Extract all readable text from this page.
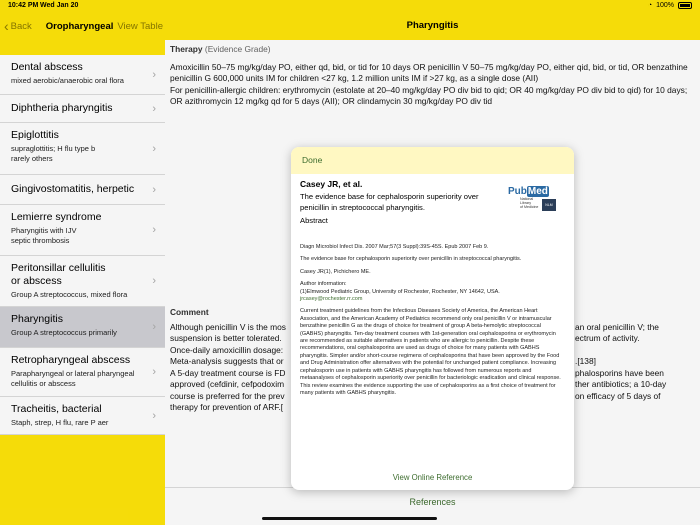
10:42 PM Wed Jan 20	◔ 100%
‹ Back Oropharyngeal View Table
Dental abscess
mixed aerobic/anaerobic oral flora	›
Diphtheria pharyngitis	›
Epiglottitis
supraglottitis; H flu type b
rarely others
›
Gingivostomatitis, herpetic	›
Lemierre syndrome
Pharyngitis with IJV
septic thrombosis
›
Peritonsillar cellulitis
or abscess
Group A streptococcus, mixed flora
›
Pharyngitis
Group A streptococcus primarily	›
Retropharyngeal abscess
Parapharyngeal or lateral pharyngeal
cellulitis or abscess
›
Tracheitis, bacterial
Staph, strep, H flu, rare P aer
›
Pharyngitis
Therapy (Evidence Grade)
Amoxicillin 50–75 mg/kg/day PO, either qd, bid, or tid for 10 days OR penicillin V 50–75 mg/kg/day PO, either qid, bid, or tid, OR benzathine penicillin G 600,000 units IM for children <27 kg, 1.2 million units IM if >27 kg, as a single dose (AII)
For penicillin-allergic children: erythromycin (estolate at 20–40 mg/kg/day PO div bid to qid; OR 40 mg/kg/day PO div bid to qid) for 10 days; OR azithromycin 12 mg/kg qd for 5 days (AII); OR clindamycin 30 mg/kg/day PO div tid
Comment
Although penicillin V is the mos
suspension is better tolerated.
Once-daily amoxicillin dosage:
Meta-analysis suggests that or
A 5-day treatment course is FD
approved (cefdinir, cefpodoxim
course is preferred for the prev
therapy for prevention of ARF.[
an oral penicillin V; the
ectrum of activity.
.[138]
phalosporins have been
ther antibiotics; a 10-day
on efficacy of 5 days of
References
Done
Casey JR, et al.
The evidence base for cephalosporin superiority over penicillin in streptococcal pharyngitis.
Abstract
PubMed
National
Library
of Medicine
NLM

Diagn Microbiol Infect Dis. 2007 Mar;57(3 Suppl):39S-45S. Epub 2007 Feb 9.

The evidence base for cephalosporin superiority over penicillin in streptococcal pharyngitis.

Casey JR(1), Pichichero ME.

Author information:
(1)Elmwood Pediatric Group, University of Rochester, Rochester, NY 14642, USA.

jrcasey@rochester.rr.com

Current treatment guidelines from the Infectious Diseases Society of America, the American Heart Association, and the American Academy of Pediatrics recommend only oral penicillin V or intramuscular benzathine penicillin G as the drugs of choice for treatment of group A beta-hemolytic streptococcal (GABHS) pharyngitis. Ten-day treatment courses with 1st-generation oral cephalosporins or erythromycin are recommended as suitable alternatives in patients who are allergic to penicillin. Despite these recommendations, oral cephalosporins are used as drugs of choice for many patients with GABHS pharyngitis. Simpler and/or short-course regimens of cephalosporins that have been approved by the Food and Drug Administration offer alternatives with the potential for unchanged patient compliance. Increasing cephalosporin use in patients with GABHS pharyngitis has followed from numerous reports and metaanalyses of cephalosporin superiority over penicillin for bacteriologic eradication and clinical response. This review examines the evidence supporting the use of cephalosporins as a first choice of treatment for many patients with GABHS pharyngitis.

View Online Reference
